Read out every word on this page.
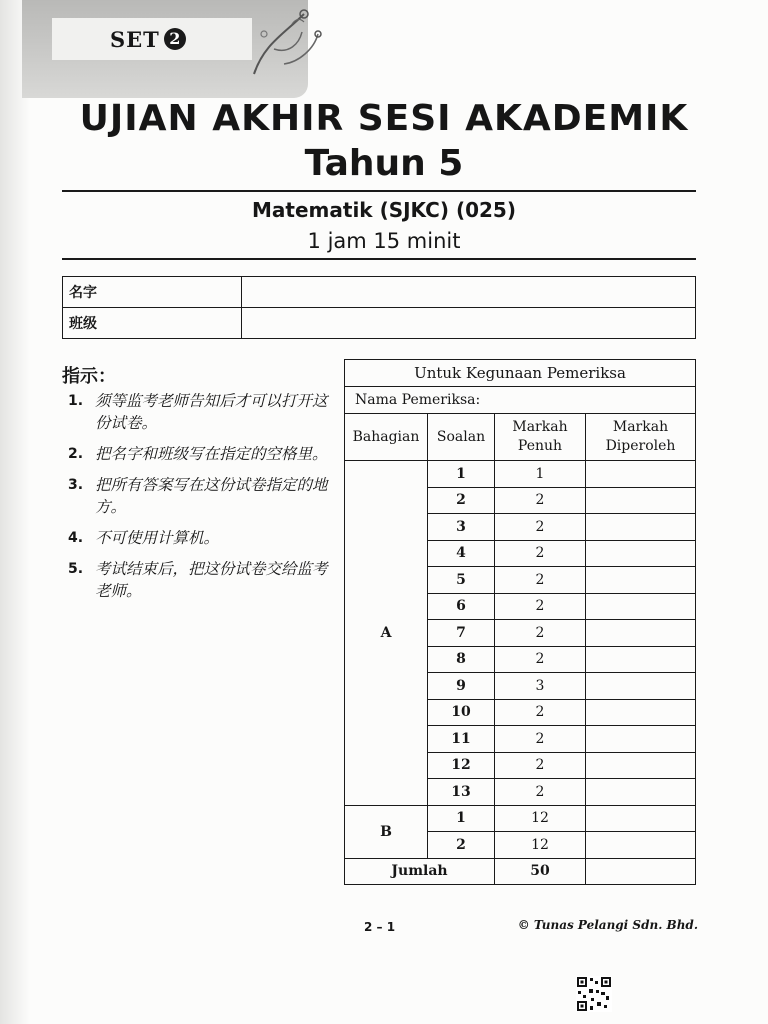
SET 2
UJIAN AKHIR SESI AKADEMIK
Tahun 5
Matematik (SJKC) (025)
1 jam 15 minit
名字	
班级	
指示：
1. 须等监考老师告知后才可以打开这份试卷。
2. 把名字和班级写在指定的空格里。
3. 把所有答案写在这份试卷指定的地方。
4. 不可使用计算机。
5. 考试结束后，把这份试卷交给监考老师。
Untuk Kegunaan Pemeriksa			
Nama Pemeriksa:			
Bahagian	Soalan	Markah Penuh	Markah Diperoleh
A	1	1	
	2	2	
	3	2	
	4	2	
	5	2	
	6	2	
	7	2	
	8	2	
	9	3	
	10	2	
	11	2	
	12	2	
	13	2	
B	1	12	
	2	12	
Jumlah		50	
2 – 1	© Tunas Pelangi Sdn. Bhd.
